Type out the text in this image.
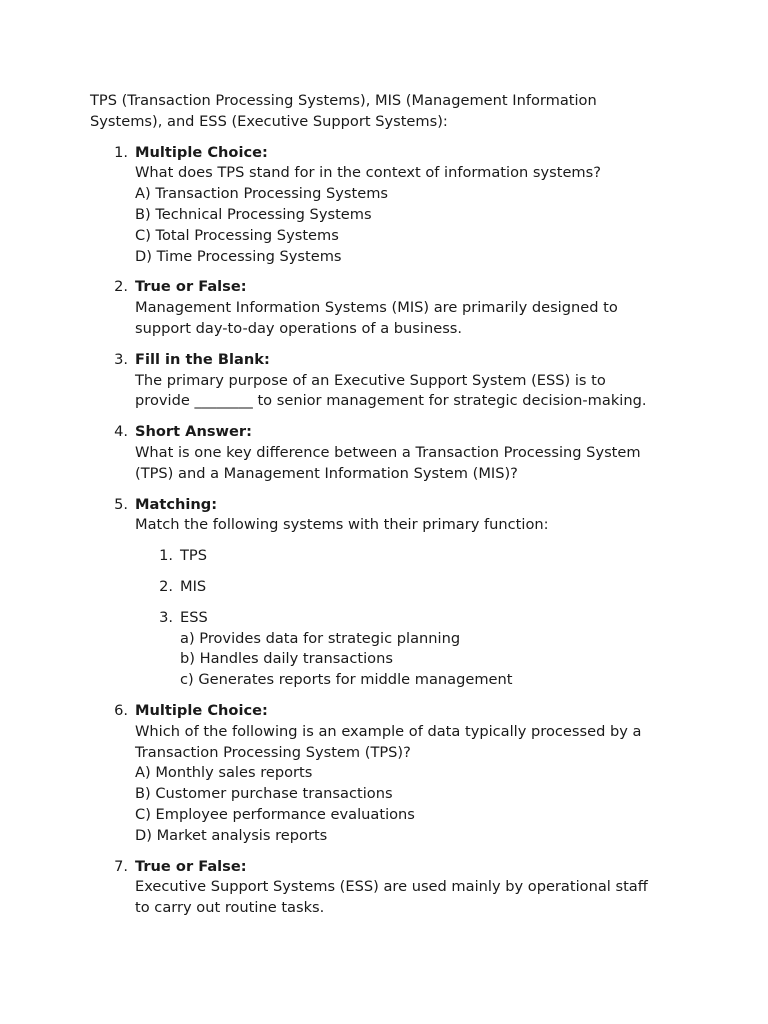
TPS (Transaction Processing Systems), MIS (Management Information
Systems), and ESS (Executive Support Systems):

1. Multiple Choice:
What does TPS stand for in the context of information systems?
A) Transaction Processing Systems
B) Technical Processing Systems
C) Total Processing Systems
D) Time Processing Systems
2. True or False:
Management Information Systems (MIS) are primarily designed to
support day-to-day operations of a business.
3. Fill in the Blank:
The primary purpose of an Executive Support System (ESS) is to
provide ________ to senior management for strategic decision-making.
4. Short Answer:
What is one key difference between a Transaction Processing System
(TPS) and a Management Information System (MIS)?
5. Matching:
Match the following systems with their primary function:
1. TPS
2. MIS
3. ESS
a) Provides data for strategic planning
b) Handles daily transactions
c) Generates reports for middle management
6. Multiple Choice:
Which of the following is an example of data typically processed by a
Transaction Processing System (TPS)?
A) Monthly sales reports
B) Customer purchase transactions
C) Employee performance evaluations
D) Market analysis reports
7. True or False:
Executive Support Systems (ESS) are used mainly by operational staff
to carry out routine tasks.
